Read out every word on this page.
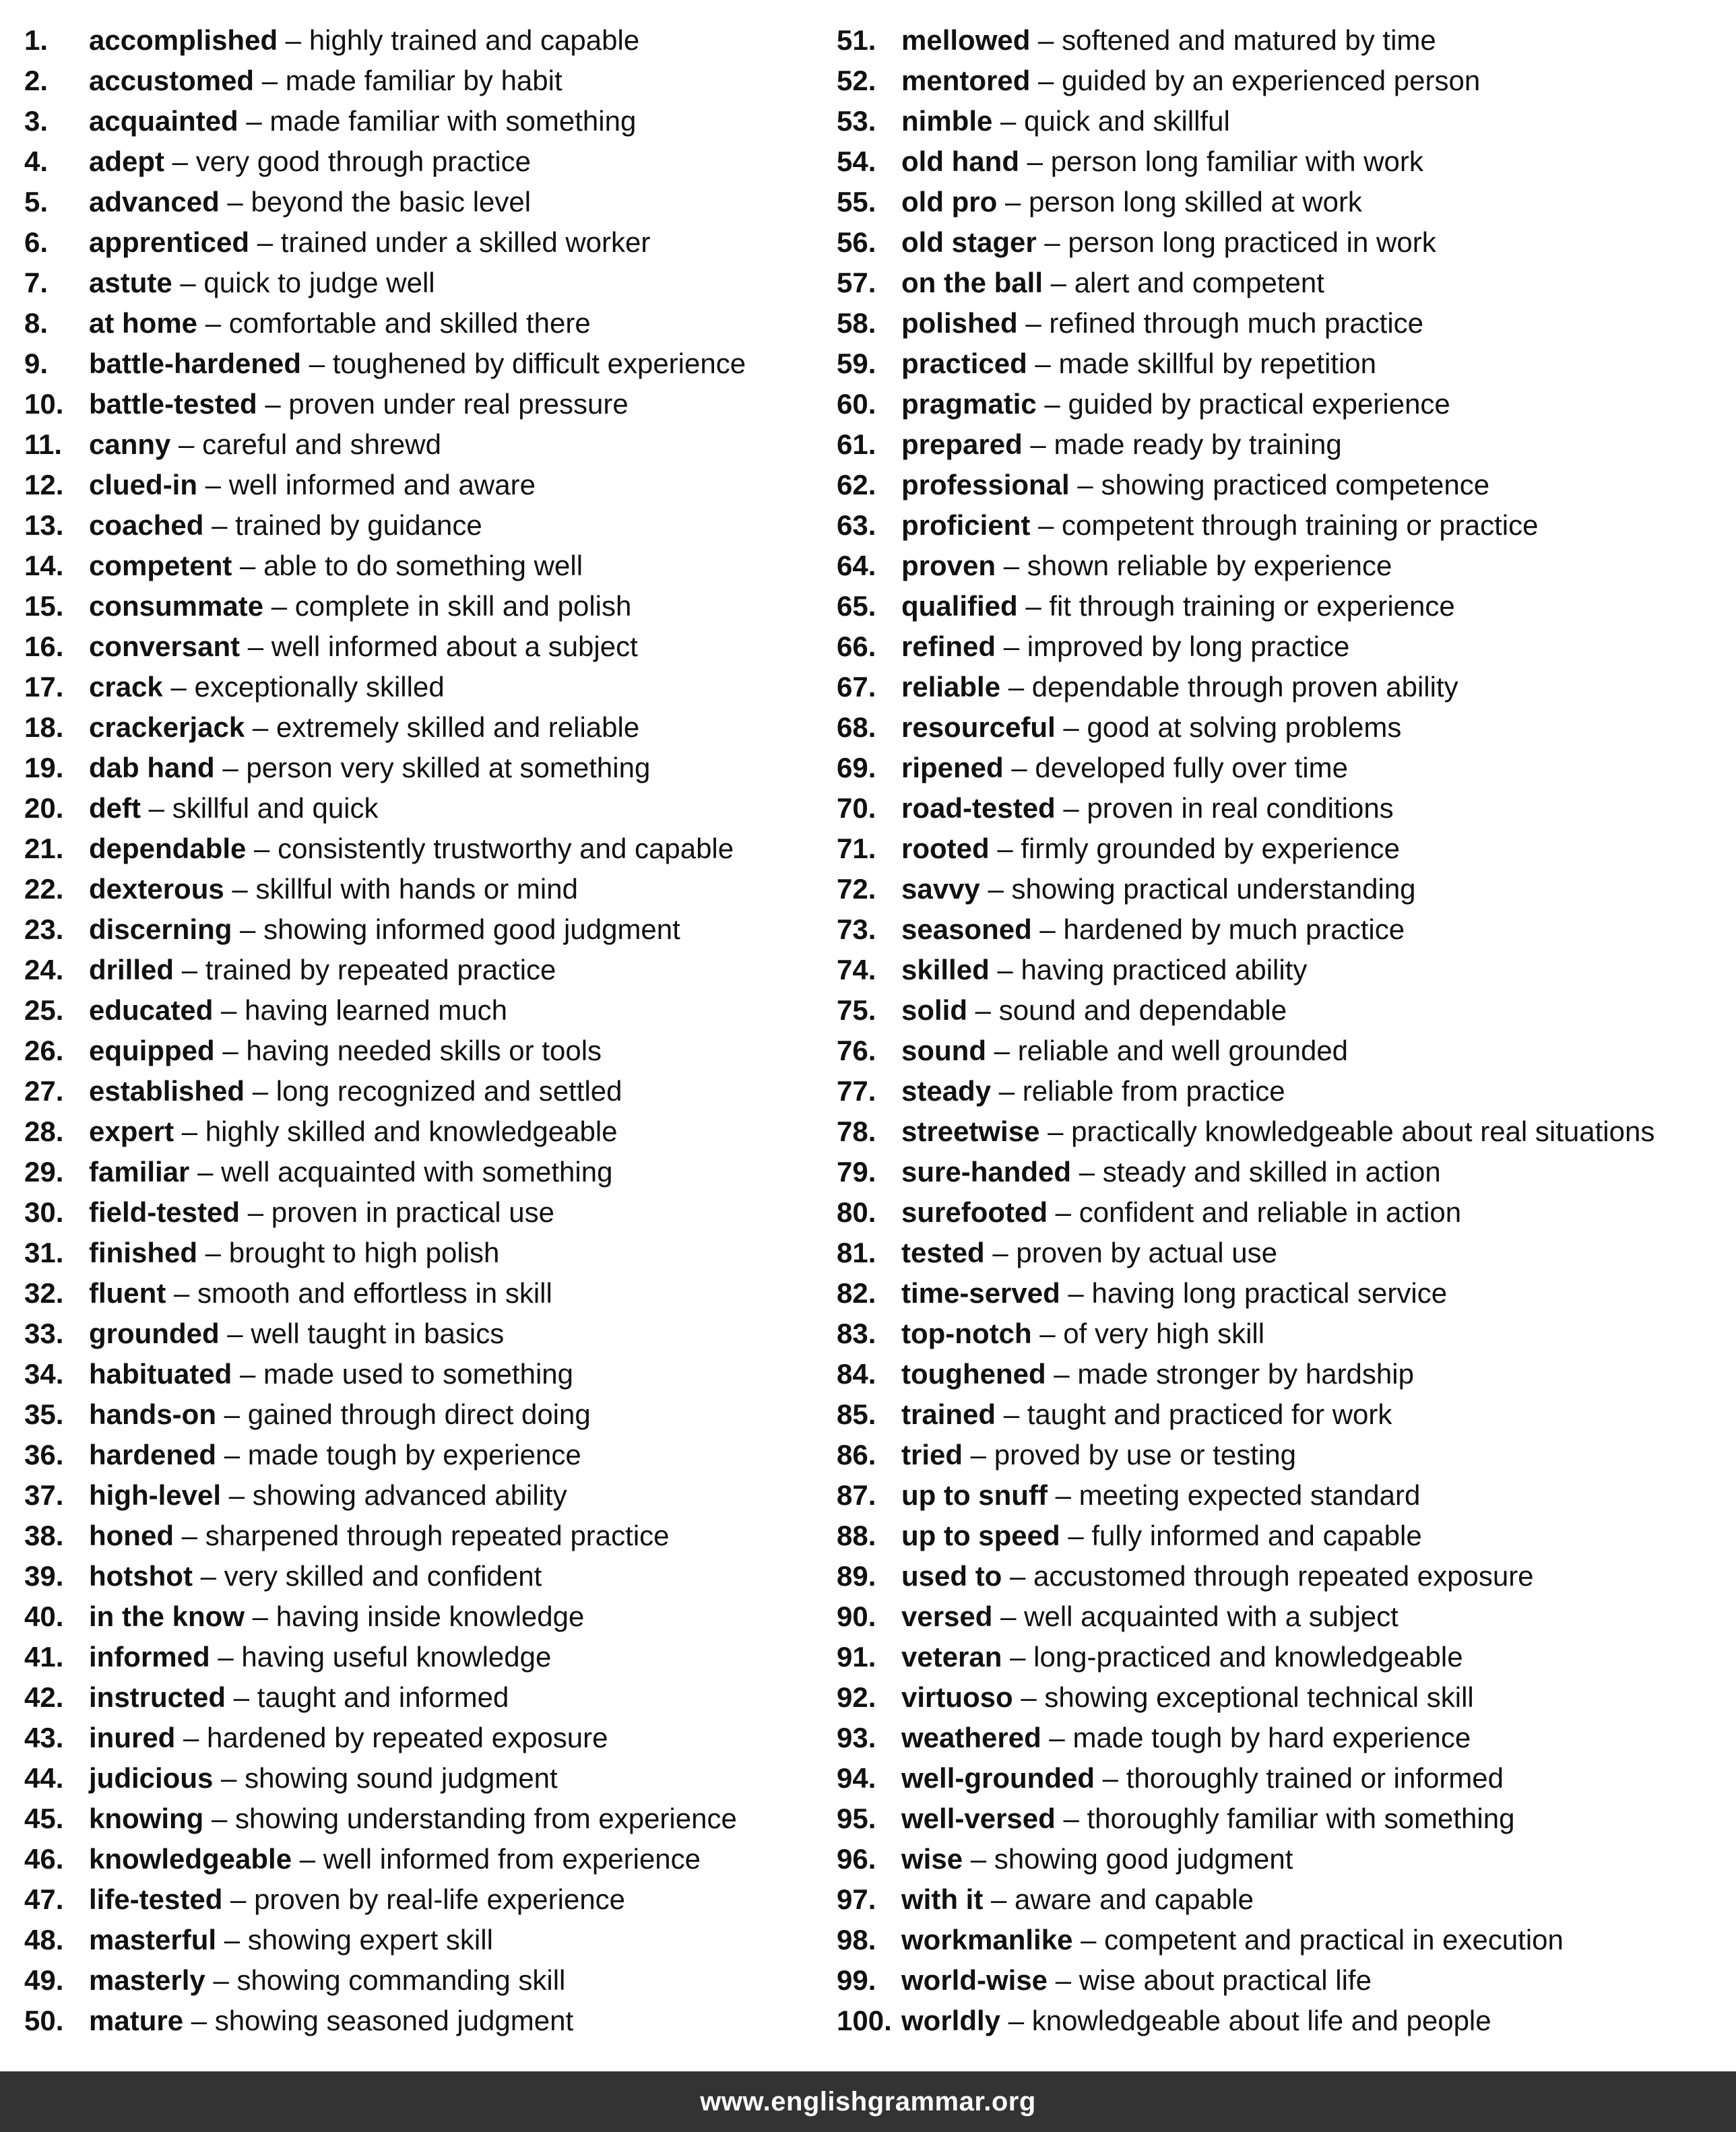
1. accomplished – highly trained and capable
2. accustomed – made familiar by habit
3. acquainted – made familiar with something
4. adept – very good through practice
5. advanced – beyond the basic level
6. apprenticed – trained under a skilled worker
7. astute – quick to judge well
8. at home – comfortable and skilled there
9. battle-hardened – toughened by difficult experience
10. battle-tested – proven under real pressure
11. canny – careful and shrewd
12. clued-in – well informed and aware
13. coached – trained by guidance
14. competent – able to do something well
15. consummate – complete in skill and polish
16. conversant – well informed about a subject
17. crack – exceptionally skilled
18. crackerjack – extremely skilled and reliable
19. dab hand – person very skilled at something
20. deft – skillful and quick
21. dependable – consistently trustworthy and capable
22. dexterous – skillful with hands or mind
23. discerning – showing informed good judgment
24. drilled – trained by repeated practice
25. educated – having learned much
26. equipped – having needed skills or tools
27. established – long recognized and settled
28. expert – highly skilled and knowledgeable
29. familiar – well acquainted with something
30. field-tested – proven in practical use
31. finished – brought to high polish
32. fluent – smooth and effortless in skill
33. grounded – well taught in basics
34. habituated – made used to something
35. hands-on – gained through direct doing
36. hardened – made tough by experience
37. high-level – showing advanced ability
38. honed – sharpened through repeated practice
39. hotshot – very skilled and confident
40. in the know – having inside knowledge
41. informed – having useful knowledge
42. instructed – taught and informed
43. inured – hardened by repeated exposure
44. judicious – showing sound judgment
45. knowing – showing understanding from experience
46. knowledgeable – well informed from experience
47. life-tested – proven by real-life experience
48. masterful – showing expert skill
49. masterly – showing commanding skill
50. mature – showing seasoned judgment
51. mellowed – softened and matured by time
52. mentored – guided by an experienced person
53. nimble – quick and skillful
54. old hand – person long familiar with work
55. old pro – person long skilled at work
56. old stager – person long practiced in work
57. on the ball – alert and competent
58. polished – refined through much practice
59. practiced – made skillful by repetition
60. pragmatic – guided by practical experience
61. prepared – made ready by training
62. professional – showing practiced competence
63. proficient – competent through training or practice
64. proven – shown reliable by experience
65. qualified – fit through training or experience
66. refined – improved by long practice
67. reliable – dependable through proven ability
68. resourceful – good at solving problems
69. ripened – developed fully over time
70. road-tested – proven in real conditions
71. rooted – firmly grounded by experience
72. savvy – showing practical understanding
73. seasoned – hardened by much practice
74. skilled – having practiced ability
75. solid – sound and dependable
76. sound – reliable and well grounded
77. steady – reliable from practice
78. streetwise – practically knowledgeable about real situations
79. sure-handed – steady and skilled in action
80. surefooted – confident and reliable in action
81. tested – proven by actual use
82. time-served – having long practical service
83. top-notch – of very high skill
84. toughened – made stronger by hardship
85. trained – taught and practiced for work
86. tried – proved by use or testing
87. up to snuff – meeting expected standard
88. up to speed – fully informed and capable
89. used to – accustomed through repeated exposure
90. versed – well acquainted with a subject
91. veteran – long-practiced and knowledgeable
92. virtuoso – showing exceptional technical skill
93. weathered – made tough by hard experience
94. well-grounded – thoroughly trained or informed
95. well-versed – thoroughly familiar with something
96. wise – showing good judgment
97. with it – aware and capable
98. workmanlike – competent and practical in execution
99. world-wise – wise about practical life
100. worldly – knowledgeable about life and people
www.englishgrammar.org
